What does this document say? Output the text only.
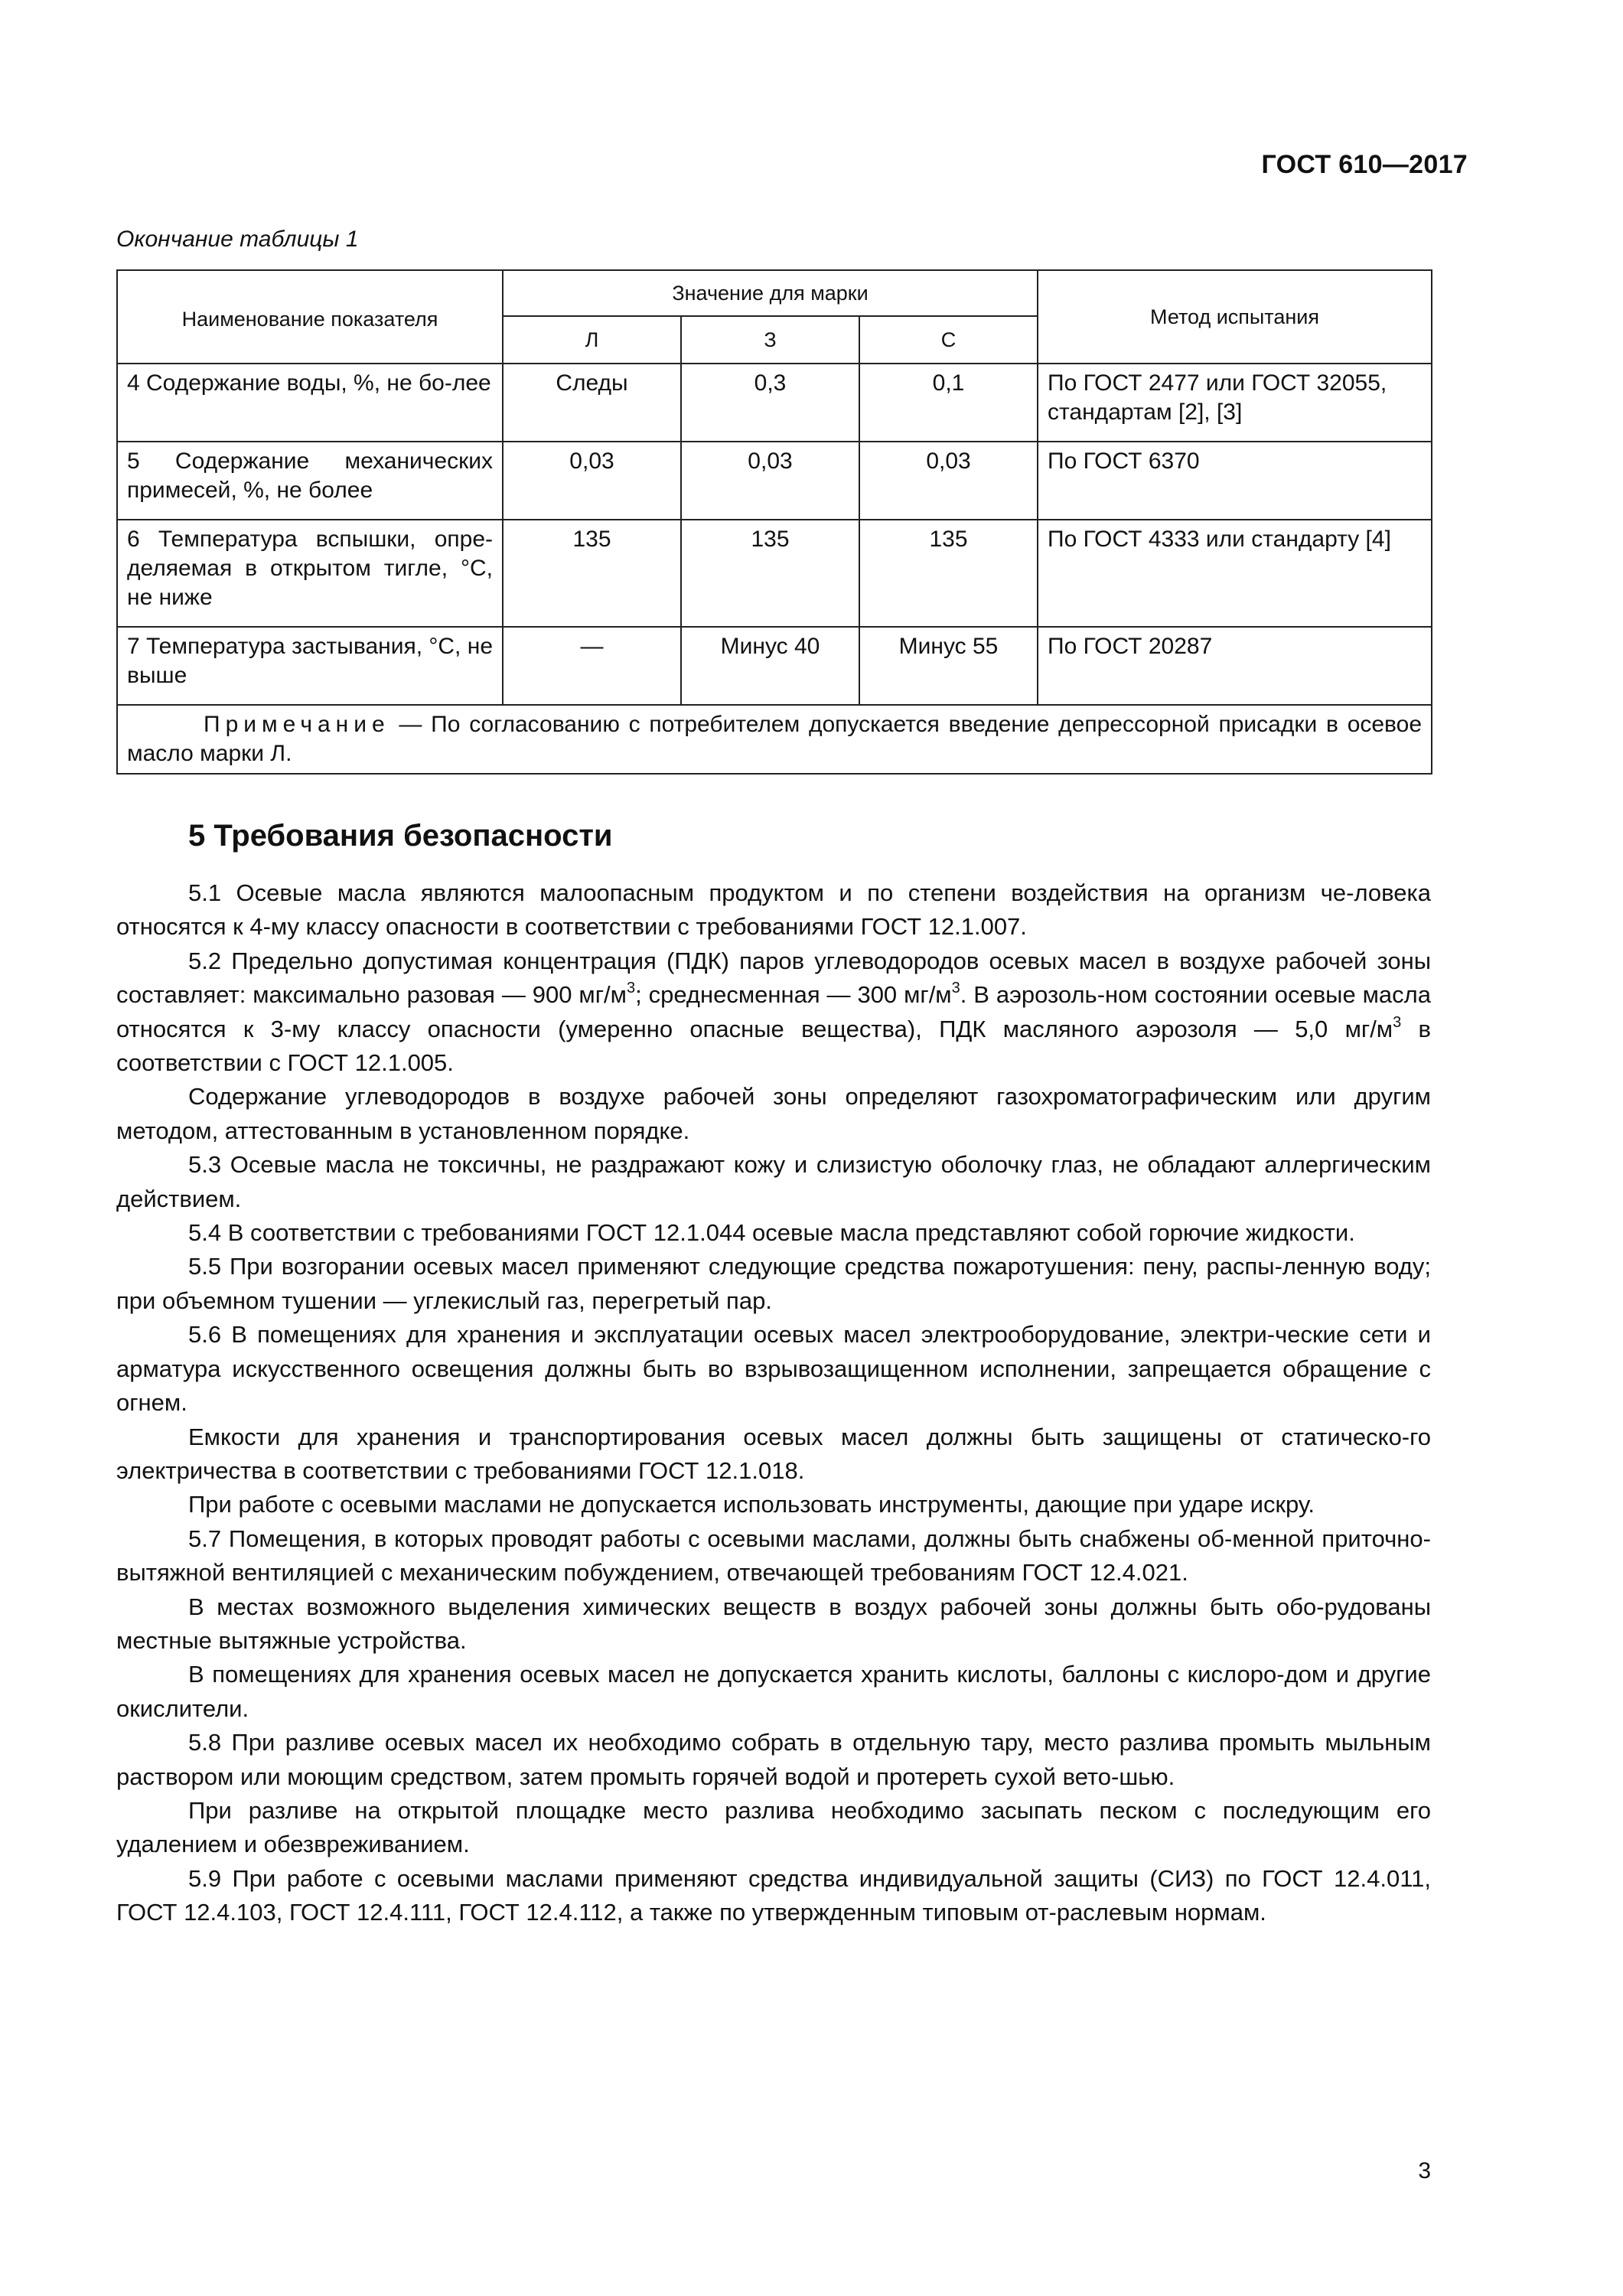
ГОСТ 610—2017
Окончание таблицы 1
Наименование показателя	Значение для марки			Метод испытания
	Л	З	С	
4 Содержание воды, %, не бо-лее	Следы	0,3	0,1	По ГОСТ 2477 или ГОСТ 32055, стандартам [2], [3]
5 Содержание механических примесей, %, не более	0,03	0,03	0,03	По ГОСТ 6370
6 Температура вспышки, опре-деляемая в открытом тигле, °С, не ниже	135	135	135	По ГОСТ 4333 или стандарту [4]
7 Температура застывания, °С, не выше	—	Минус 40	Минус 55	По ГОСТ 20287
Примечание — По согласованию с потребителем допускается введение депрессорной присадки в осевое масло марки Л.				
5 Требования безопасности

5.1 Осевые масла являются малоопасным продуктом и по степени воздействия на организм че-ловека относятся к 4-му классу опасности в соответствии с требованиями ГОСТ 12.1.007.

5.2 Предельно допустимая концентрация (ПДК) паров углеводородов осевых масел в воздухе рабочей зоны составляет: максимально разовая — 900 $мг/м^3$; среднесменная — 300 $мг/м^3$. В аэрозоль-ном состоянии осевые масла относятся к 3-му классу опасности (умеренно опасные вещества), ПДК масляного аэрозоля — 5,0 $мг/м^3$ в соответствии с ГОСТ 12.1.005.

Содержание углеводородов в воздухе рабочей зоны определяют газохроматографическим или другим методом, аттестованным в установленном порядке.

5.3 Осевые масла не токсичны, не раздражают кожу и слизистую оболочку глаз, не обладают аллергическим действием.

5.4 В соответствии с требованиями ГОСТ 12.1.044 осевые масла представляют собой горючие жидкости.

5.5 При возгорании осевых масел применяют следующие средства пожаротушения: пену, распы-ленную воду; при объемном тушении — углекислый газ, перегретый пар.

5.6 В помещениях для хранения и эксплуатации осевых масел электрооборудование, электри-ческие сети и арматура искусственного освещения должны быть во взрывозащищенном исполнении, запрещается обращение с огнем.

Емкости для хранения и транспортирования осевых масел должны быть защищены от статическо-го электричества в соответствии с требованиями ГОСТ 12.1.018.

При работе с осевыми маслами не допускается использовать инструменты, дающие при ударе искру.

5.7 Помещения, в которых проводят работы с осевыми маслами, должны быть снабжены об-менной приточно-вытяжной вентиляцией с механическим побуждением, отвечающей требованиям ГОСТ 12.4.021.

В местах возможного выделения химических веществ в воздух рабочей зоны должны быть обо-рудованы местные вытяжные устройства.

В помещениях для хранения осевых масел не допускается хранить кислоты, баллоны с кислоро-дом и другие окислители.

5.8 При разливе осевых масел их необходимо собрать в отдельную тару, место разлива промыть мыльным раствором или моющим средством, затем промыть горячей водой и протереть сухой вето-шью.

При разливе на открытой площадке место разлива необходимо засыпать песком с последующим его удалением и обезвреживанием.

5.9 При работе с осевыми маслами применяют средства индивидуальной защиты (СИЗ) по ГОСТ 12.4.011, ГОСТ 12.4.103, ГОСТ 12.4.111, ГОСТ 12.4.112, а также по утвержденным типовым от-раслевым нормам.

3
